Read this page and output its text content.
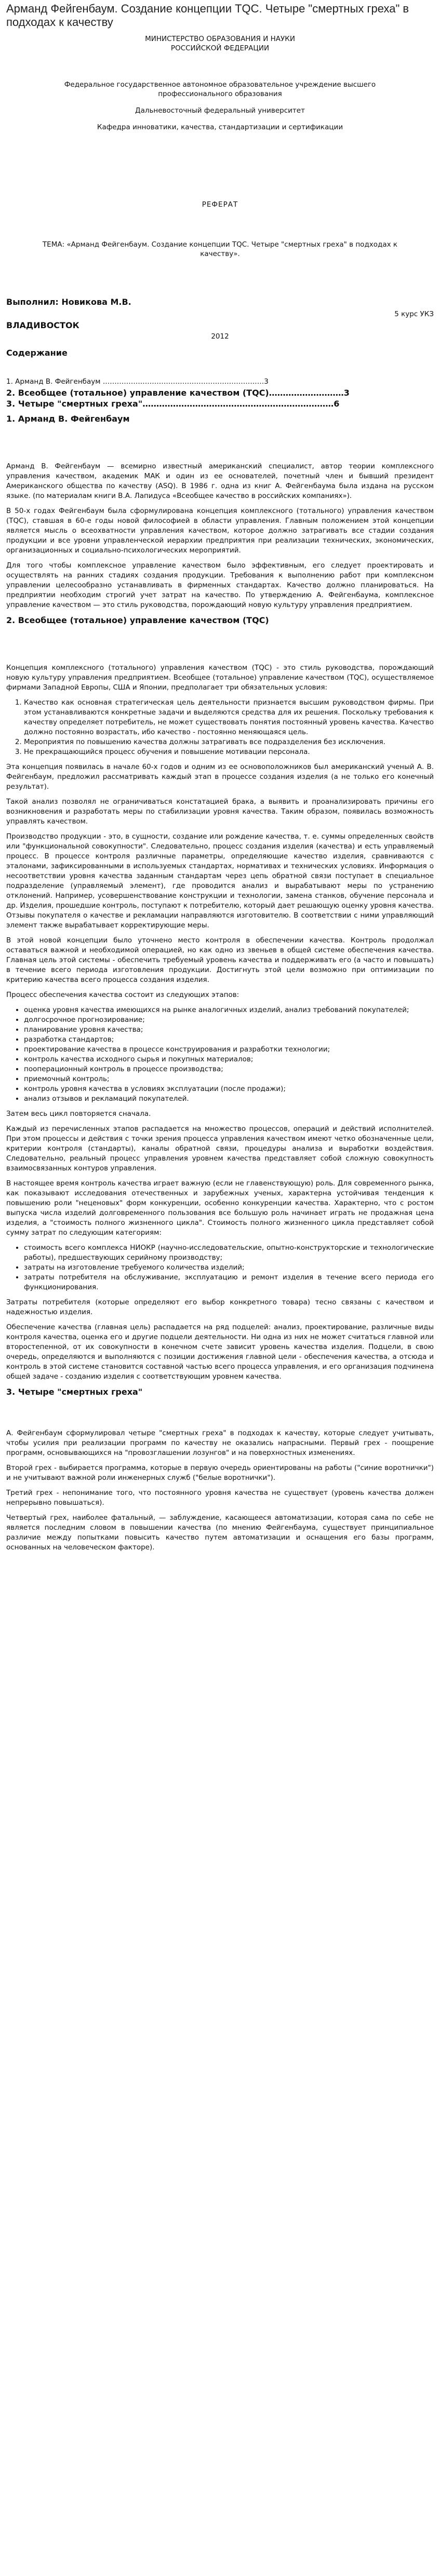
Арманд Фейгенбаум. Создание концепции TQC. Четыре "смертных греха" в подходах к качеству

МИНИСТЕРСТВО ОБРАЗОВАНИЯ И НАУКИ
РОССИЙСКОЙ ФЕДЕРАЦИИ

Федеральное государственное автономное образовательное учреждение высшего профессионального образования

Дальневосточный федеральный университет

Кафедра инноватики, качества, стандартизации и сертификации

РЕФЕРАТ

ТЕМА: «Арманд Фейгенбаум. Создание концепции TQC. Четыре "смертных греха" в подходах к качеству».

Выполнил: Новикова М.В.

5 курс УКЗ

ВЛАДИВОСТОК

2012

Содержание

1. Арманд В. Фейгенбаум ……………………………………………………………3

2. Всеобщее (тотальное) управление качеством (TQC)………………………3

3. Четыре "смертных греха"……………………………………………………………6

1. Арманд В. Фейгенбаум

Арманд В. Фейгенбаум — всемирно известный американский специалист, автор теории комплексного управления качеством, академик МАК и один из ее основателей, почетный член и бывший президент Американского общества по качеству (ASQ). В 1986 г. одна из книг А. Фейгенбаума была издана на русском языке. (по материалам книги В.А. Лапидуса «Всеобщее качество в российских компаниях»).

В 50-х годах Фейгенбаум была сформулирована концепция комплексного (тотального) управления качеством (TQC), ставшая в 60-е годы новой философией в области управления. Главным положением этой концепции является мысль о всеохватности управления качеством, которое должно затрагивать все стадии создания продукции и все уровни управленческой иерархии предприятия при реализации технических, экономических, организационных и социально-психологических мероприятий.

Для того чтобы комплексное управление качеством было эффективным, его следует проектировать и осуществлять на ранних стадиях создания продукции. Требования к выполнению работ при комплексном управлении целесообразно устанавливать в фирменных стандартах. Качество должно планироваться. На предприятии необходим строгий учет затрат на качество. По утверждению А. Фейгенбаума, комплексное управление качеством — это стиль руководства, порождающий новую культуру управления предприятием.

2. Всеобщее (тотальное) управление качеством (TQC)

Концепция комплексного (тотального) управления качеством (TQC) - это стиль руководства, порождающий новую культуру управления предприятием. Всеобщее (тотальное) управление качеством (TQC), осуществляемое фирмами Западной Европы, США и Японии, предполагает три обязательных условия:

1. Качество как основная стратегическая цель деятельности признается высшим руководством фирмы. При этом устанавливаются конкретные задачи и выделяются средства для их решения. Поскольку требования к качеству определяет потребитель, не может существовать понятия постоянный уровень качества. Качество должно постоянно возрастать, ибо качество - постоянно меняющаяся цель.
2. Мероприятия по повышению качества должны затрагивать все подразделения без исключения.
3. Не прекращающийся процесс обучения и повышение мотивации персонала.

Эта концепция появилась в начале 60-х годов и одним из ее основоположников был американский ученый А. В. Фейгенбаум, предложил рассматривать каждый этап в процессе создания изделия (а не только его конечный результат).

Такой анализ позволял не ограничиваться констатацией брака, а выявить и проанализировать причины его возникновения и разработать меры по стабилизации уровня качества. Таким образом, появилась возможность управлять качеством.

Производство продукции - это, в сущности, создание или рождение качества, т. е. суммы определенных свойств или "функциональной совокупности". Следовательно, процесс создания изделия (качества) и есть управляемый процесс. В процессе контроля различные параметры, определяющие качество изделия, сравниваются с эталонами, зафиксированными в используемых стандартах, нормативах и технических условиях. Информация о несоответствии уровня качества заданным стандартам через цепь обратной связи поступает в специальное подразделение (управляемый элемент), где проводится анализ и вырабатывают меры по устранению отклонений. Например, усовершенствование конструкции и технологии, замена станков, обучение персонала и др. Изделия, прошедшие контроль, поступают к потребителю, который дает решающую оценку уровня качества. Отзывы покупателя о качестве и рекламации направляются изготовителю. В соответствии с ними управляющий элемент также вырабатывает корректирующие меры.

В этой новой концепции было уточнено место контроля в обеспечении качества. Контроль продолжал оставаться важной и необходимой операцией, но как одно из звеньев в общей системе обеспечения качества. Главная цель этой системы - обеспечить требуемый уровень качества и поддерживать его (а часто и повышать) в течение всего периода изготовления продукции. Достигнуть этой цели возможно при оптимизации по критерию качества всего процесса создания изделия.

Процесс обеспечения качества состоит из следующих этапов:

• оценка уровня качества имеющихся на рынке аналогичных изделий, анализ требований покупателей;
• долгосрочное прогнозирование;
• планирование уровня качества;
• разработка стандартов;
• проектирование качества в процессе конструирования и разработки технологии;
• контроль качества исходного сырья и покупных материалов;
• пооперационный контроль в процессе производства;
• приемочный контроль;
• контроль уровня качества в условиях эксплуатации (после продажи);
• анализ отзывов и рекламаций покупателей.

Затем весь цикл повторяется сначала.

Каждый из перечисленных этапов распадается на множество процессов, операций и действий исполнителей. При этом процессы и действия с точки зрения процесса управления качеством имеют четко обозначенные цели, критерии контроля (стандарты), каналы обратной связи, процедуры анализа и выработки воздействия. Следовательно, реальный процесс управления уровнем качества представляет собой сложную совокупность взаимосвязанных контуров управления.

В настоящее время контроль качества играет важную (если не главенствующую) роль. Для современного рынка, как показывают исследования отечественных и зарубежных ученых, характерна устойчивая тенденция к повышению роли "неценовых" форм конкуренции, особенно конкуренции качества. Характерно, что с ростом выпуска числа изделий долговременного пользования все большую роль начинает играть не продажная цена изделия, а "стоимость полного жизненного цикла". Стоимость полного жизненного цикла представляет собой сумму затрат по следующим категориям:

• стоимость всего комплекса НИОКР (научно-исследовательские, опытно-конструкторские и технологические работы), предшествующих серийному производству;
• затраты на изготовление требуемого количества изделий;
• затраты потребителя на обслуживание, эксплуатацию и ремонт изделия в течение всего периода его функционирования.

Затраты потребителя (которые определяют его выбор конкретного товара) тесно связаны с качеством и надежностью изделия.

Обеспечение качества (главная цель) распадается на ряд подцелей: анализ, проектирование, различные виды контроля качества, оценка его и другие подцели деятельности. Ни одна из них не может считаться главной или второстепенной, от их совокупности в конечном счете зависит уровень качества изделия. Подцели, в свою очередь, определяются и выполняются с позиции достижения главной цели - обеспечения качества, а отсюда и контроль в этой системе становится составной частью всего процесса управления, и его организация подчинена общей задаче - созданию изделия с соответствующим уровнем качества.

3. Четыре "смертных греха"

А. Фейгенбаум сформулировал четыре "смертных греха" в подходах к качеству, которые следует учитывать, чтобы усилия при реализации программ по качеству не оказались напрасными. Первый грех - поощрение программ, основывающихся на "провозглашении лозунгов" и на поверхностных изменениях.

Второй грех - выбирается программа, которые в первую очередь ориентированы на работы ("синие воротнички") и не учитывают важной роли инженерных служб ("белые воротнички").

Третий грех - непонимание того, что постоянного уровня качества не существует (уровень качества должен непрерывно повышаться).

Четвертый грех, наиболее фатальный, — заблуждение, касающееся автоматизации, которая сама по себе не является последним словом в повышении качества (по мнению Фейгенбаума, существует принципиальное различие между попытками повысить качество путем автоматизации и оснащения его базы программ, основанных на человеческом факторе).
